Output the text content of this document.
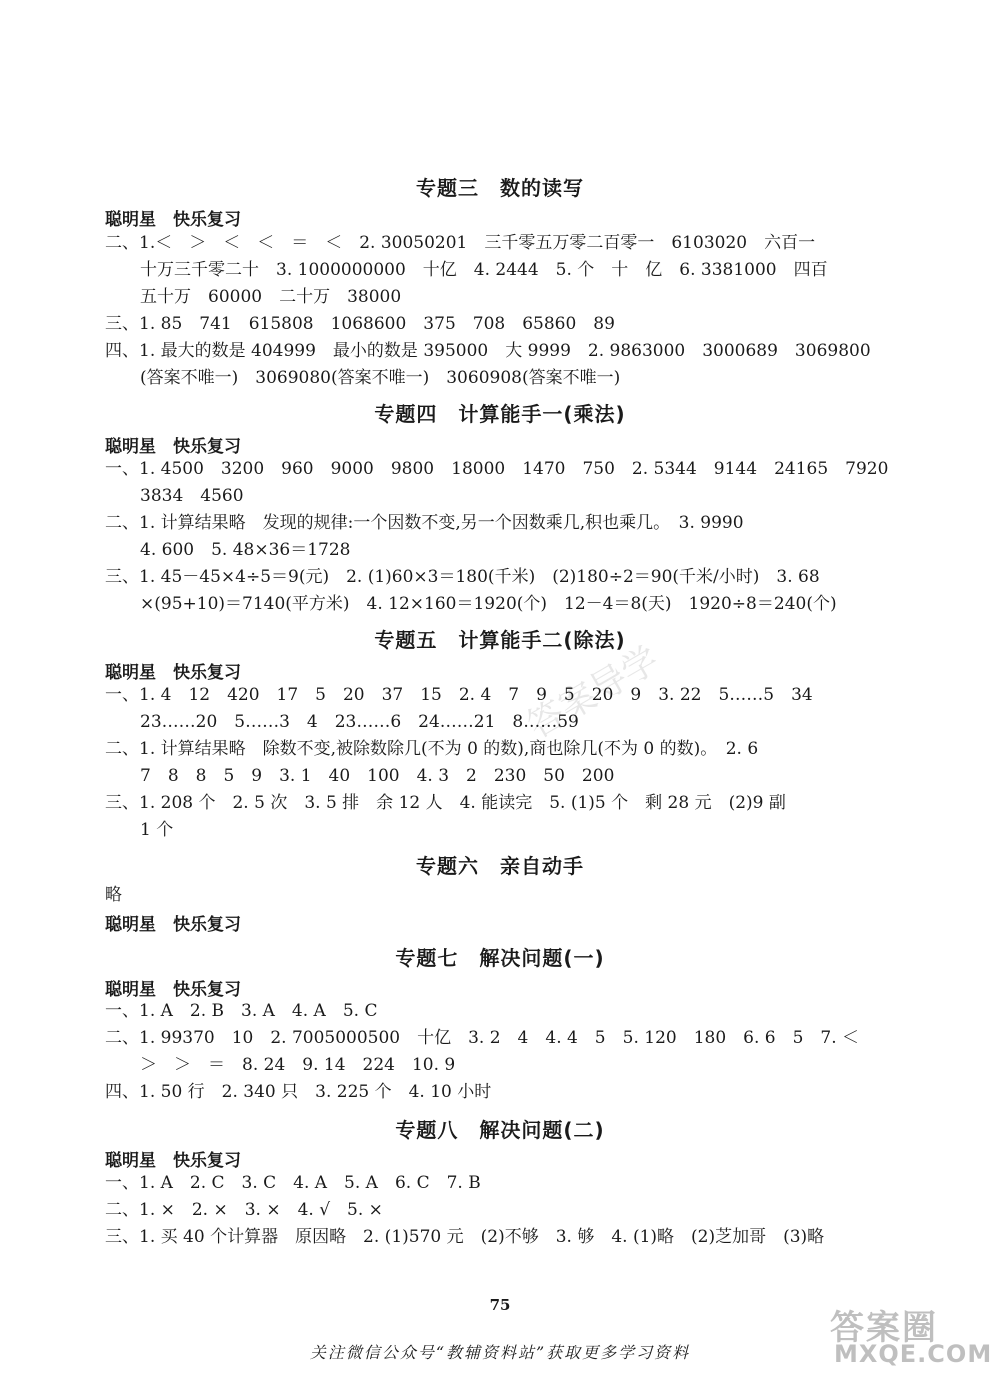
答案导学
专题三　数的读写
聪明星　快乐复习
二、1.＜　＞　＜　＜　＝　＜　2. 30050201　三千零五万零二百零一　6103020　六百一
十万三千零二十　3. 1000000000　十亿　4. 2444　5. 个　十　亿　6. 3381000　四百
五十万　60000　二十万　38000
三、1. 85　741　615808　1068600　375　708　65860　89
四、1. 最大的数是 404999　最小的数是 395000　大 9999　2. 9863000　3000689　3069800
(答案不唯一)　3069080(答案不唯一)　3060908(答案不唯一)
专题四　计算能手一(乘法)
聪明星　快乐复习
一、1. 4500　3200　960　9000　9800　18000　1470　750　2. 5344　9144　24165　7920
3834　4560
二、1. 计算结果略　发现的规律:一个因数不变,另一个因数乘几,积也乘几。　3. 9990
4. 600　5. 48×36＝1728
三、1. 45－45×4÷5＝9(元)　2. (1)60×3＝180(千米)　(2)180÷2＝90(千米/小时)　3. 68
×(95+10)＝7140(平方米)　4. 12×160＝1920(个)　12－4＝8(天)　1920÷8＝240(个)
专题五　计算能手二(除法)
聪明星　快乐复习
一、1. 4　12　420　17　5　20　37　15　2. 4　7　9　5　20　9　3. 22　5……5　34
23……20　5……3　4　23……6　24……21　8……59
二、1. 计算结果略　除数不变,被除数除几(不为 0 的数),商也除几(不为 0 的数)。　2. 6
7　8　8　5　9　3. 1　40　100　4. 3　2　230　50　200
三、1. 208 个　2. 5 次　3. 5 排　余 12 人　4. 能读完　5. (1)5 个　剩 28 元　(2)9 副
1 个
专题六　亲自动手
略
聪明星　快乐复习
专题七　解决问题(一)
聪明星　快乐复习
一、1. A　2. B　3. A　4. A　5. C
二、1. 99370　10　2. 7005000500　十亿　3. 2　4　4. 4　5　5. 120　180　6. 6　5　7. ＜
＞　＞　＝　8. 24　9. 14　224　10. 9
四、1. 50 行　2. 340 只　3. 225 个　4. 10 小时
专题八　解决问题(二)
聪明星　快乐复习
一、1. A　2. C　3. C　4. A　5. A　6. C　7. B
二、1. ×　2. ×　3. ×　4. √　5. ×
三、1. 买 40 个计算器　原因略　2. (1)570 元　(2)不够　3. 够　4. (1)略　(2)芝加哥　(3)略
75
答案圈
MXQE.COM
关注微信公众号“教辅资料站”获取更多学习资料
